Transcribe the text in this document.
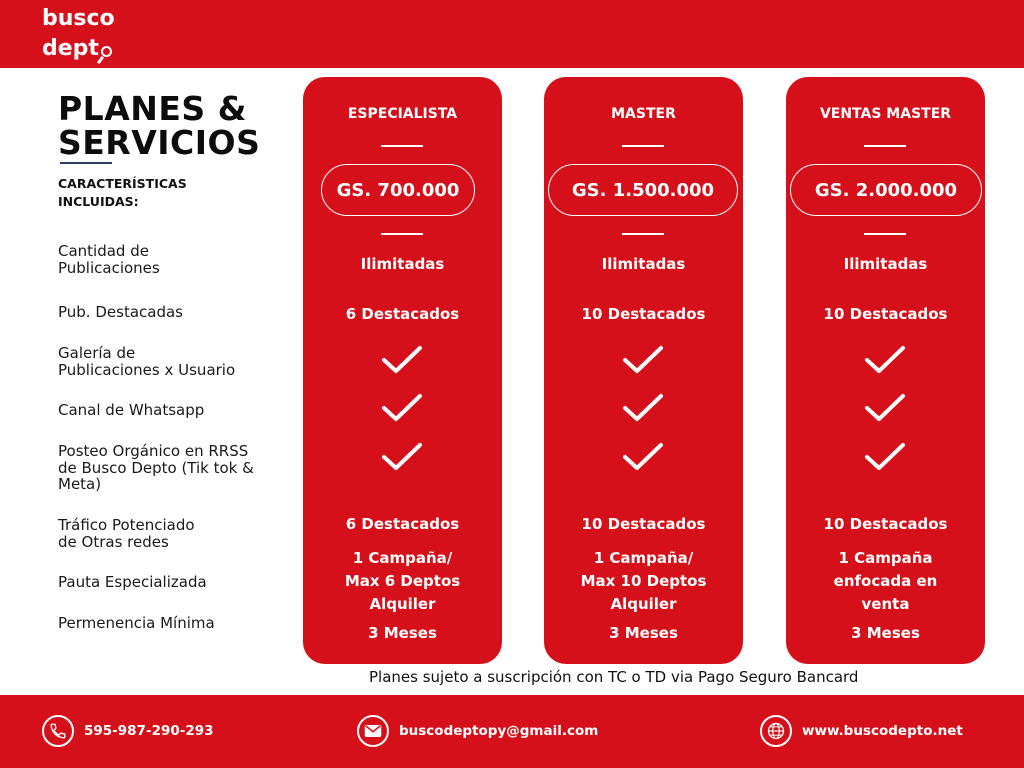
busco
dept
PLANES &
SERVICIOS
CARACTERÍSTICAS
INCLUIDAS:
Cantidad de
Publicaciones
Pub. Destacadas
Galería de
Publicaciones x Usuario
Canal de Whatsapp
Posteo Orgánico en RRSS
de Busco Depto (Tik tok &
Meta)
Tráfico Potenciado
de Otras redes
Pauta Especializada
Permenencia Mínima
ESPECIALISTA
GS. 700.000
Ilimitadas
6 Destacados
6 Destacados
1 Campaña/
Max 6 Deptos
Alquiler
3 Meses
MASTER
GS. 1.500.000
Ilimitadas
10 Destacados
10 Destacados
1 Campaña/
Max 10 Deptos
Alquiler
3 Meses
VENTAS MASTER
GS. 2.000.000
Ilimitadas
10 Destacados
10 Destacados
1 Campaña
enfocada en
venta
3 Meses
Planes sujeto a suscripción con TC o TD via Pago Seguro Bancard
595-987-290-293	buscodeptopy@gmail.com	www.buscodepto.net
